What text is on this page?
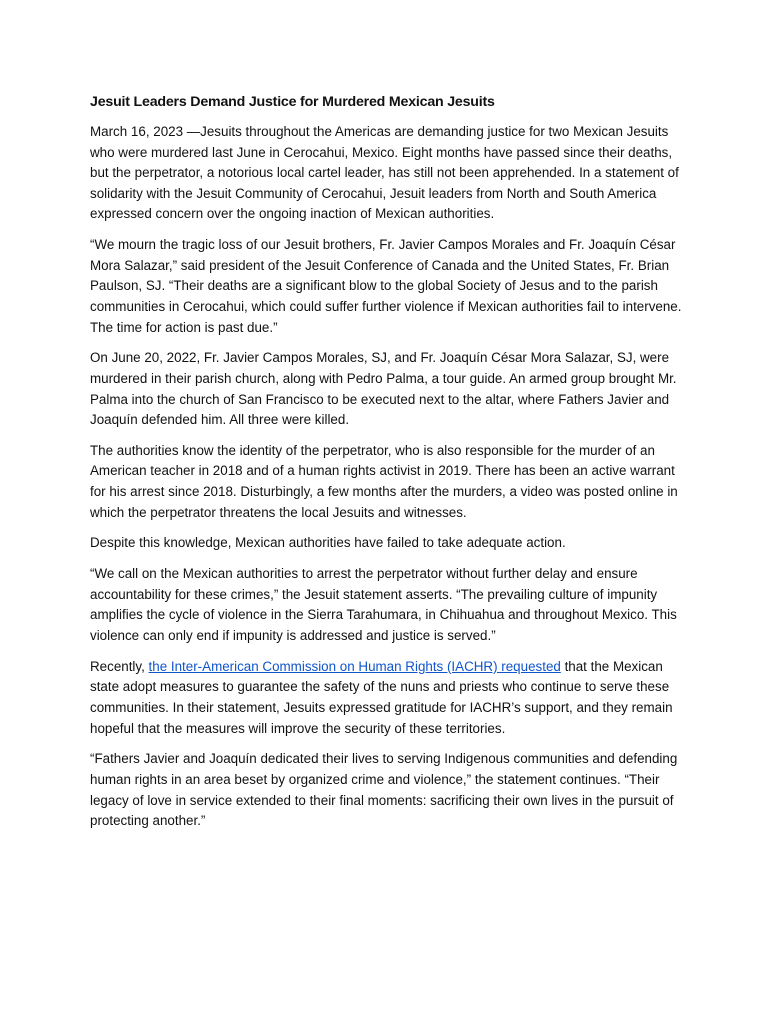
Jesuit Leaders Demand Justice for Murdered Mexican Jesuits

March 16, 2023 —Jesuits throughout the Americas are demanding justice for two Mexican Jesuits who were murdered last June in Cerocahui, Mexico. Eight months have passed since their deaths, but the perpetrator, a notorious local cartel leader, has still not been apprehended. In a statement of solidarity with the Jesuit Community of Cerocahui, Jesuit leaders from North and South America expressed concern over the ongoing inaction of Mexican authorities.

“We mourn the tragic loss of our Jesuit brothers, Fr. Javier Campos Morales and Fr. Joaquín César Mora Salazar,” said president of the Jesuit Conference of Canada and the United States, Fr. Brian Paulson, SJ. “Their deaths are a significant blow to the global Society of Jesus and to the parish communities in Cerocahui, which could suffer further violence if Mexican authorities fail to intervene. The time for action is past due.”

On June 20, 2022, Fr. Javier Campos Morales, SJ, and Fr. Joaquín César Mora Salazar, SJ, were murdered in their parish church, along with Pedro Palma, a tour guide. An armed group brought Mr. Palma into the church of San Francisco to be executed next to the altar, where Fathers Javier and Joaquín defended him. All three were killed.

The authorities know the identity of the perpetrator, who is also responsible for the murder of an American teacher in 2018 and of a human rights activist in 2019. There has been an active warrant for his arrest since 2018. Disturbingly, a few months after the murders, a video was posted online in which the perpetrator threatens the local Jesuits and witnesses.

Despite this knowledge, Mexican authorities have failed to take adequate action.

“We call on the Mexican authorities to arrest the perpetrator without further delay and ensure accountability for these crimes,” the Jesuit statement asserts. “The prevailing culture of impunity amplifies the cycle of violence in the Sierra Tarahumara, in Chihuahua and throughout Mexico. This violence can only end if impunity is addressed and justice is served.”

Recently, the Inter-American Commission on Human Rights (IACHR) requested that the Mexican state adopt measures to guarantee the safety of the nuns and priests who continue to serve these communities. In their statement, Jesuits expressed gratitude for IACHR’s support, and they remain hopeful that the measures will improve the security of these territories.

“Fathers Javier and Joaquín dedicated their lives to serving Indigenous communities and defending human rights in an area beset by organized crime and violence,” the statement continues. “Their legacy of love in service extended to their final moments: sacrificing their own lives in the pursuit of protecting another.”
